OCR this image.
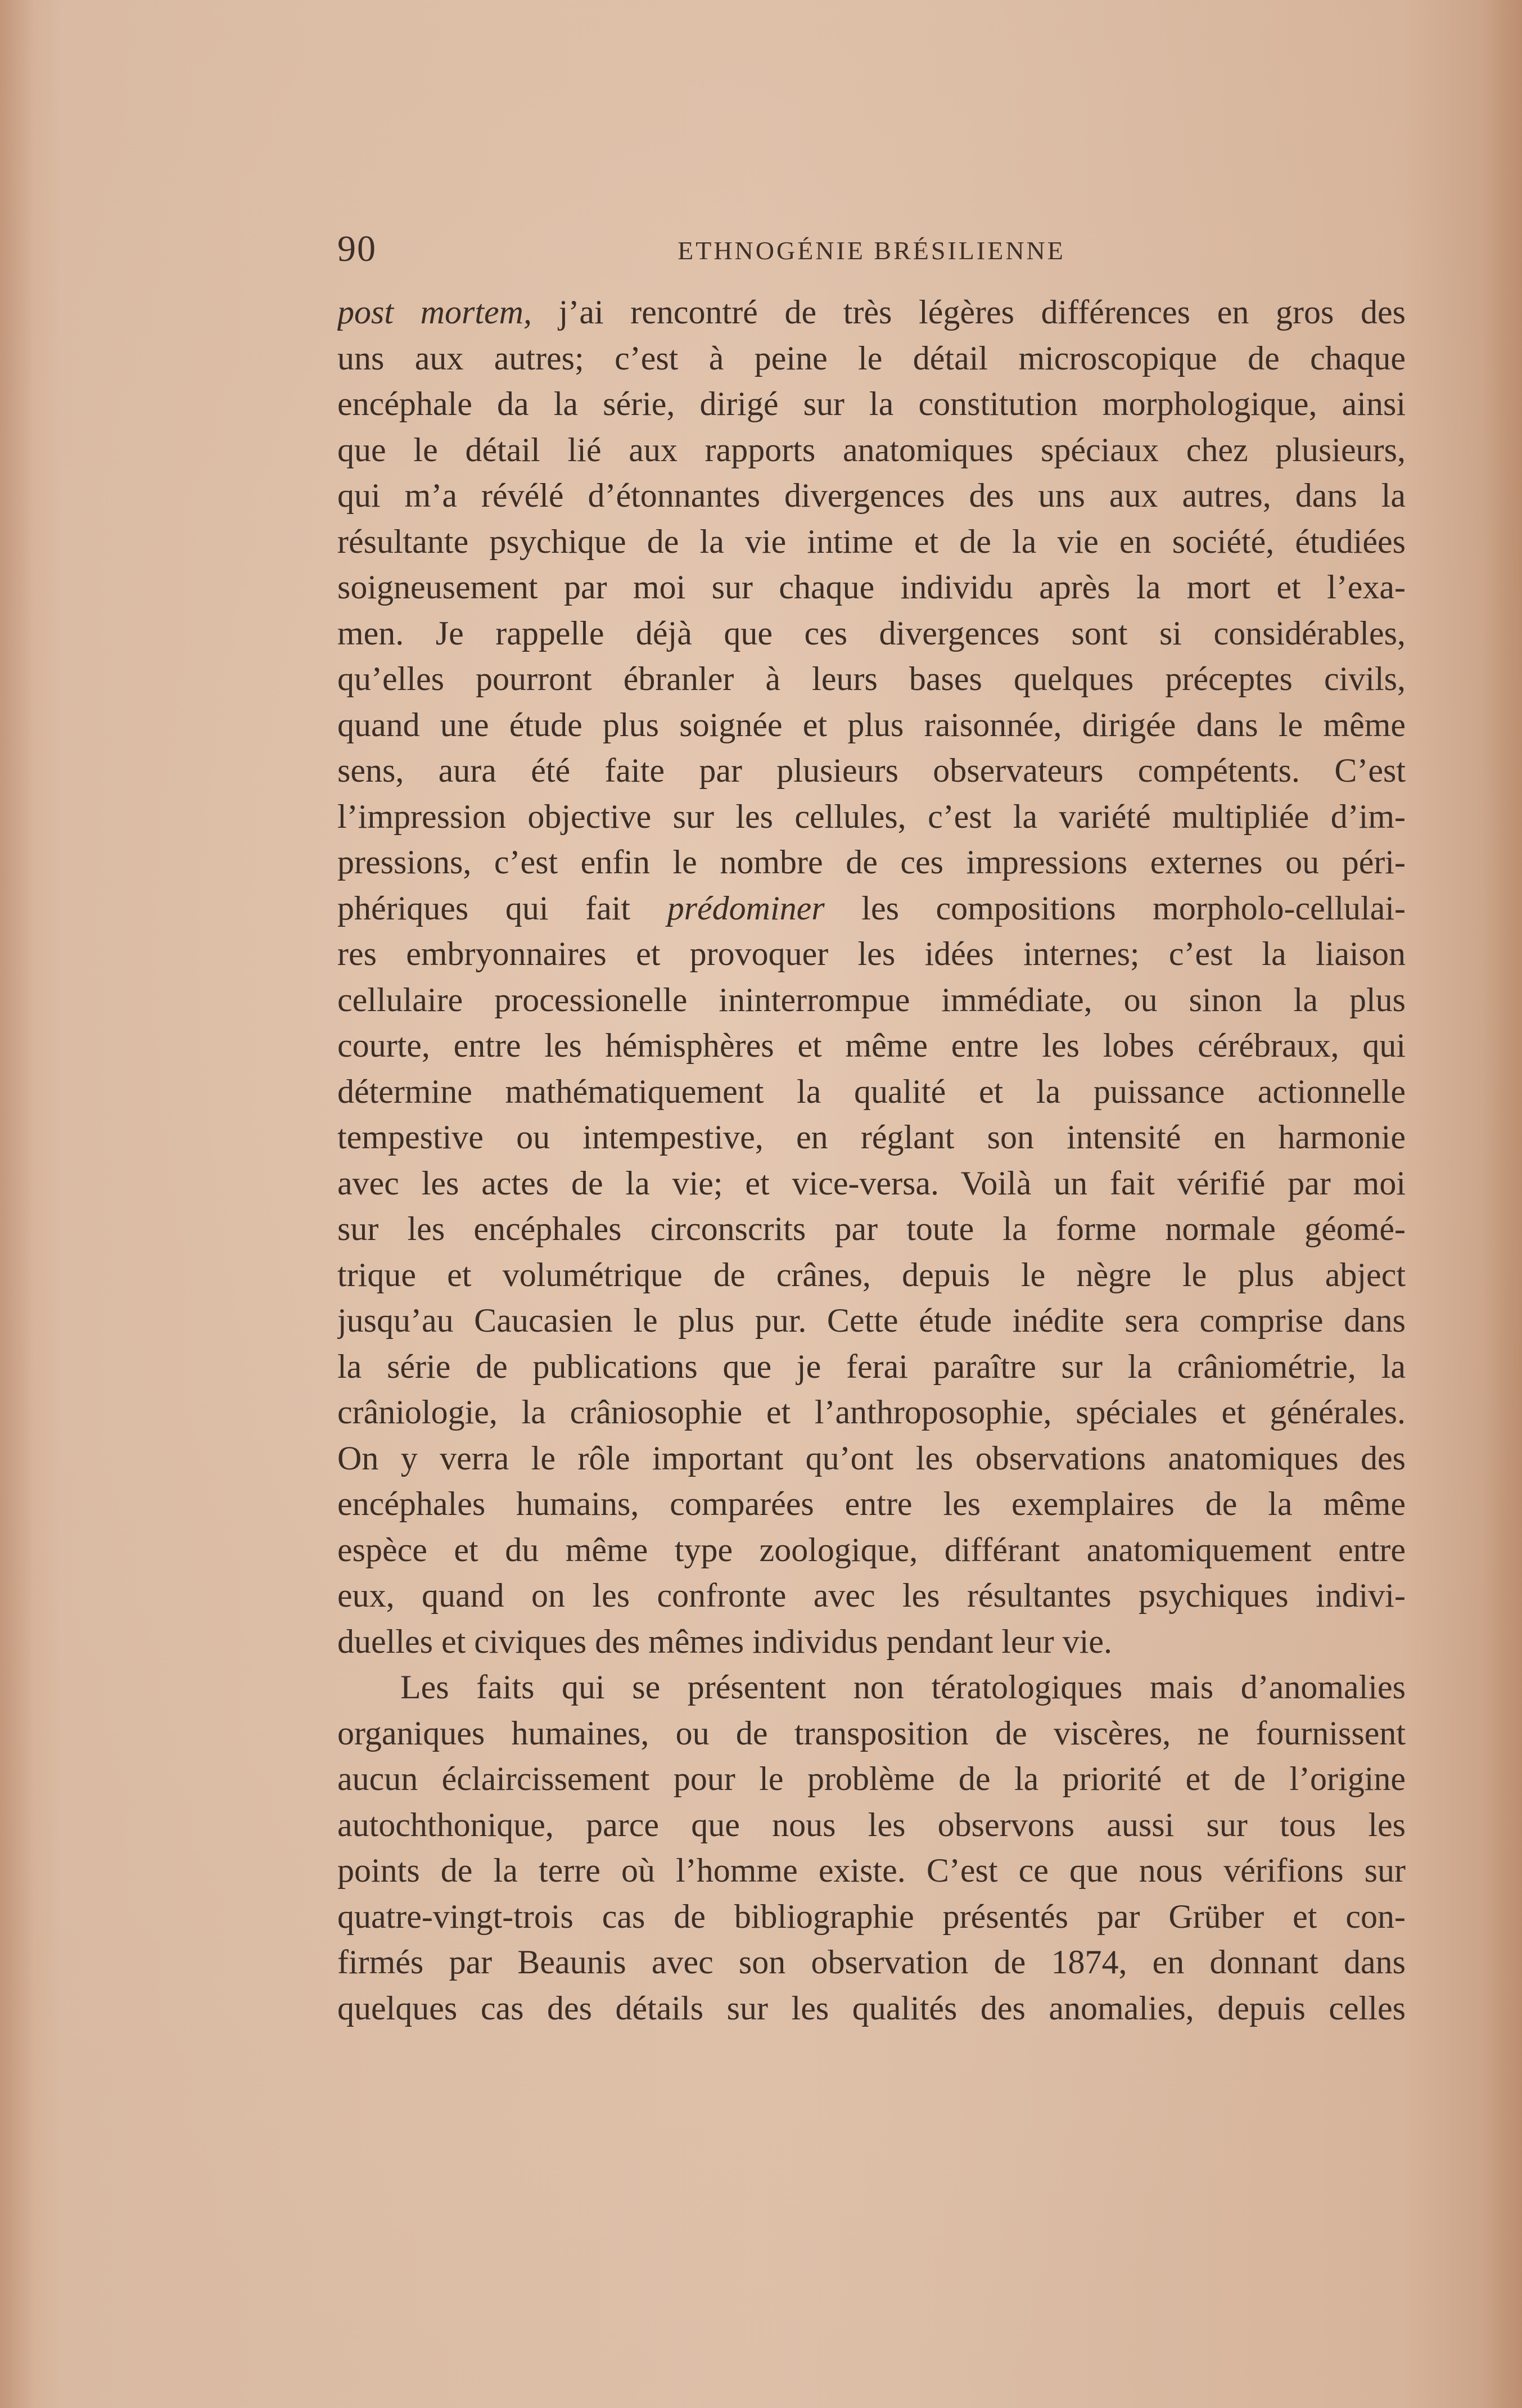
90	ETHNOGÉNIE BRÉSILIENNE
post mortem, j’ai rencontré de très légères différences en gros des
uns aux autres; c’est à peine le détail microscopique de chaque
encéphale da la série, dirigé sur la constitution morphologique, ainsi
que le détail lié aux rapports anatomiques spéciaux chez plusieurs,
qui m’a révélé d’étonnantes divergences des uns aux autres, dans la
résultante psychique de la vie intime et de la vie en société, étudiées
soigneusement par moi sur chaque individu après la mort et l’exa-
men. Je rappelle déjà que ces divergences sont si considérables,
qu’elles pourront ébranler à leurs bases quelques préceptes civils,
quand une étude plus soignée et plus raisonnée, dirigée dans le même
sens, aura été faite par plusieurs observateurs compétents. C’est
l’impression objective sur les cellules, c’est la variété multipliée d’im-
pressions, c’est enfin le nombre de ces impressions externes ou péri-
phériques qui fait prédominer les compositions morpholo-cellulai-
res embryonnaires et provoquer les idées internes; c’est la liaison
cellulaire processionelle ininterrompue immédiate, ou sinon la plus
courte, entre les hémisphères et même entre les lobes cérébraux, qui
détermine mathématiquement la qualité et la puissance actionnelle
tempestive ou intempestive, en réglant son intensité en harmonie
avec les actes de la vie; et vice-versa. Voilà un fait vérifié par moi
sur les encéphales circonscrits par toute la forme normale géomé-
trique et volumétrique de crânes, depuis le nègre le plus abject
jusqu’au Caucasien le plus pur. Cette étude inédite sera comprise dans
la série de publications que je ferai paraître sur la crâniométrie, la
crâniologie, la crâniosophie et l’anthroposophie, spéciales et générales.
On y verra le rôle important qu’ont les observations anatomiques des
encéphales humains, comparées entre les exemplaires de la même
espèce et du même type zoologique, différant anatomiquement entre
eux, quand on les confronte avec les résultantes psychiques indivi-
duelles et civiques des mêmes individus pendant leur vie.
Les faits qui se présentent non tératologiques mais d’anomalies
organiques humaines, ou de transposition de viscères, ne fournissent
aucun éclaircissement pour le problème de la priorité et de l’origine
autochthonique, parce que nous les observons aussi sur tous les
points de la terre où l’homme existe. C’est ce que nous vérifions sur
quatre-vingt-trois cas de bibliographie présentés par Grüber et con-
firmés par Beaunis avec son observation de 1874, en donnant dans
quelques cas des détails sur les qualités des anomalies, depuis celles
